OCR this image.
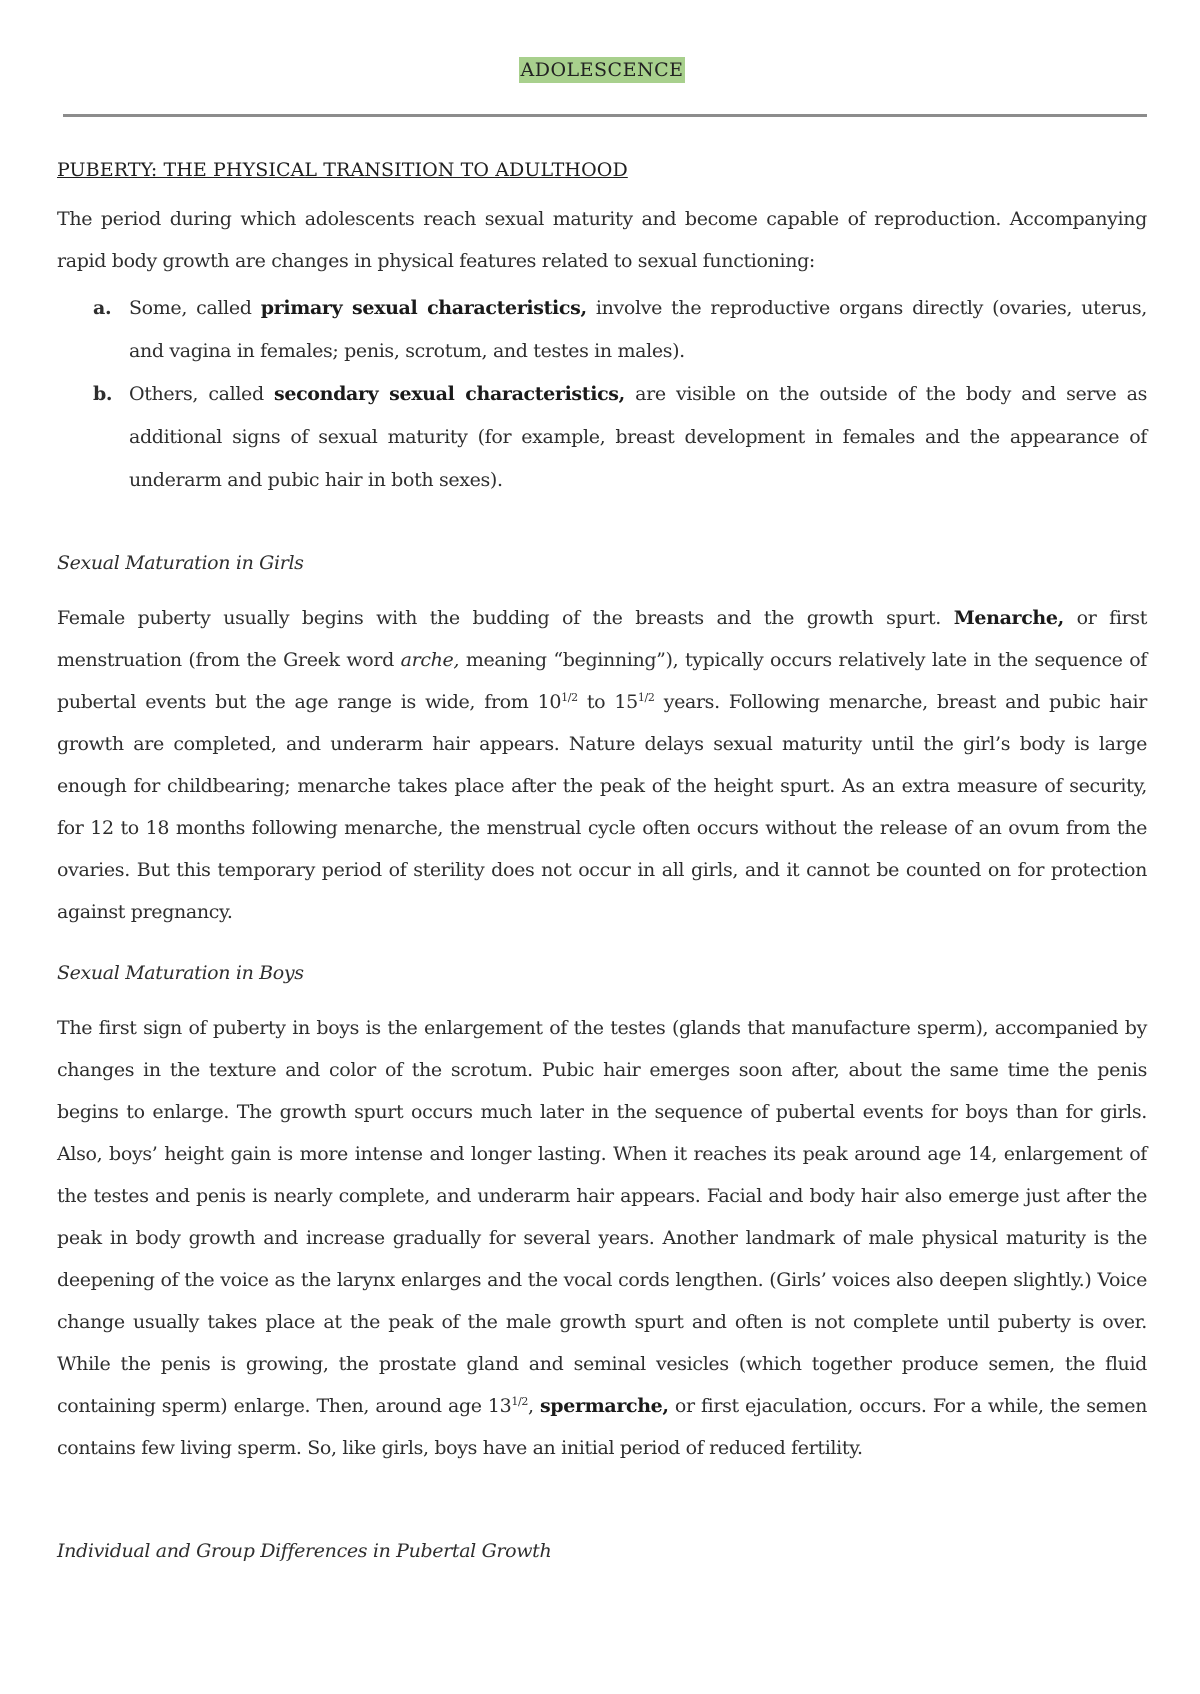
ADOLESCENCE
PUBERTY: THE PHYSICAL TRANSITION TO ADULTHOOD

The period during which adolescents reach sexual maturity and become capable of reproduction. Accompanying rapid body growth are changes in physical features related to sexual functioning:

a. Some, called primary sexual characteristics, involve the reproductive organs directly (ovaries, uterus, and vagina in females; penis, scrotum, and testes in males).
b. Others, called secondary sexual characteristics, are visible on the outside of the body and serve as additional signs of sexual maturity (for example, breast development in females and the appearance of underarm and pubic hair in both sexes).
Sexual Maturation in Girls

Female puberty usually begins with the budding of the breasts and the growth spurt. Menarche, or first menstruation (from the Greek word arche, meaning “beginning”), typically occurs relatively late in the sequence of pubertal events but the age range is wide, from $10^{1/2}$ to $15^{1/2}$ years. Following menarche, breast and pubic hair growth are completed, and underarm hair appears. Nature delays sexual maturity until the girl’s body is large enough for childbearing; menarche takes place after the peak of the height spurt. As an extra measure of security, for 12 to 18 months following menarche, the menstrual cycle often occurs without the release of an ovum from the ovaries. But this temporary period of sterility does not occur in all girls, and it cannot be counted on for protection against pregnancy.

Sexual Maturation in Boys

The first sign of puberty in boys is the enlargement of the testes (glands that manufacture sperm), accompanied by changes in the texture and color of the scrotum. Pubic hair emerges soon after, about the same time the penis begins to enlarge. The growth spurt occurs much later in the sequence of pubertal events for boys than for girls. Also, boys’ height gain is more intense and longer lasting. When it reaches its peak around age 14, enlargement of the testes and penis is nearly complete, and underarm hair appears. Facial and body hair also emerge just after the peak in body growth and increase gradually for several years. Another landmark of male physical maturity is the deepening of the voice as the larynx enlarges and the vocal cords lengthen. (Girls’ voices also deepen slightly.) Voice change usually takes place at the peak of the male growth spurt and often is not complete until puberty is over. While the penis is growing, the prostate gland and seminal vesicles (which together produce semen, the fluid containing sperm) enlarge. Then, around age $13^{1/2}$, spermarche, or first ejaculation, occurs. For a while, the semen contains few living sperm. So, like girls, boys have an initial period of reduced fertility.

Individual and Group Differences in Pubertal Growth
